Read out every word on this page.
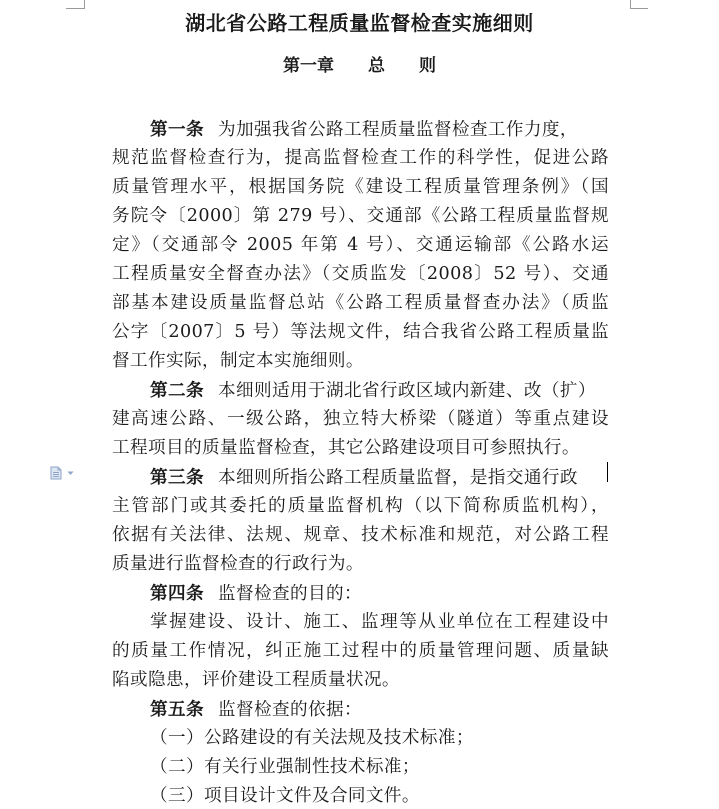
湖北省公路工程质量监督检查实施细则
第一章　　总　　则
第一条 为加强我省公路工程质量监督检查工作力度，
规范监督检查行为，提高监督检查工作的科学性，促进公路
质量管理水平，根据国务院《建设工程质量管理条例》（国
务院令〔2000〕第 279 号）、交通部《公路工程质量监督规
定》（交通部令 2005 年第 4 号）、交通运输部《公路水运
工程质量安全督查办法》（交质监发〔2008〕52 号）、交通
部基本建设质量监督总站《公路工程质量督查办法》（质监
公字〔2007〕5 号）等法规文件，结合我省公路工程质量监
督工作实际，制定本实施细则。
第二条 本细则适用于湖北省行政区域内新建、改（扩）
建高速公路、一级公路，独立特大桥梁（隧道）等重点建设
工程项目的质量监督检查，其它公路建设项目可参照执行。
第三条 本细则所指公路工程质量监督，是指交通行政
主管部门或其委托的质量监督机构（以下简称质监机构），
依据有关法律、法规、规章、技术标准和规范，对公路工程
质量进行监督检查的行政行为。
第四条 监督检查的目的：
掌握建设、设计、施工、监理等从业单位在工程建设中
的质量工作情况，纠正施工过程中的质量管理问题、质量缺
陷或隐患，评价建设工程质量状况。
第五条 监督检查的依据：
（一）公路建设的有关法规及技术标准；
（二）有关行业强制性技术标准；
（三）项目设计文件及合同文件。
